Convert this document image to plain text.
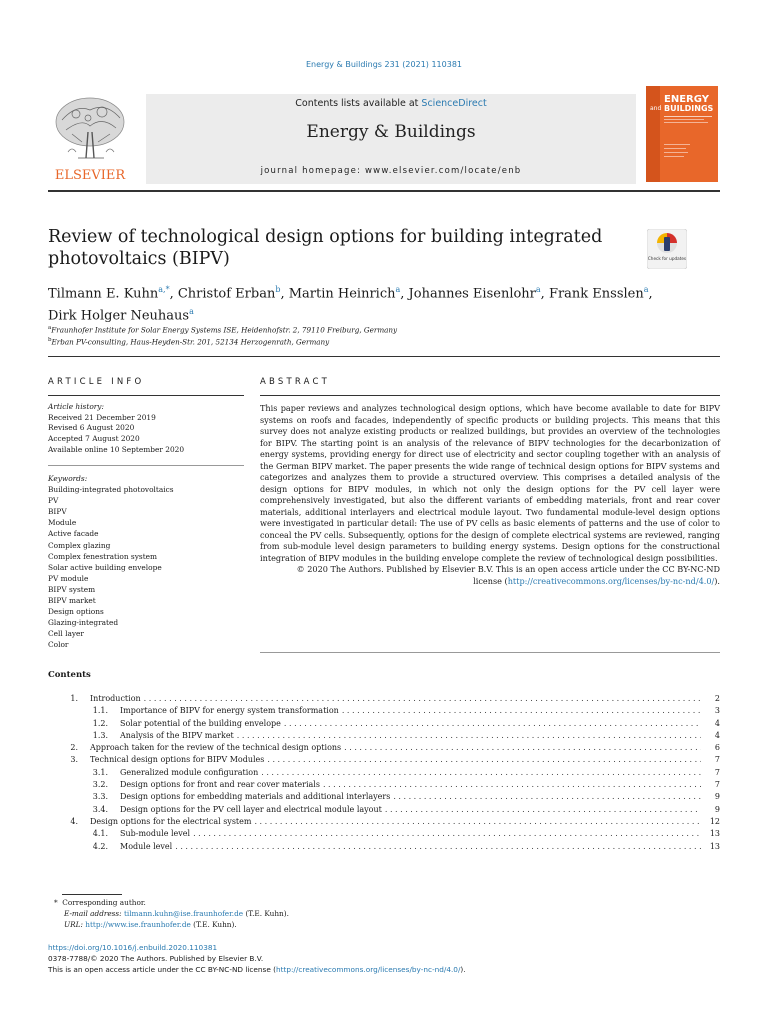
Energy & Buildings 231 (2021) 110381
ELSEVIER
Contents lists available at ScienceDirect
Energy & Buildings
journal homepage: www.elsevier.com/locate/enb
ENERGY
and BUILDINGS
Review of technological design options for building integrated photovoltaics (BIPV)	Check for updates
Tilmann E. Kuhn$^{a,*}$, Christof Erban$^b$, Martin Heinrich$^a$, Johannes Eisenlohr$^a$, Frank Ensslen$^a$,
Dirk Holger Neuhaus$^a$
$^a$Fraunhofer Institute for Solar Energy Systems ISE, Heidenhofstr. 2, 79110 Freiburg, Germany
$^b$Erban PV-consulting, Haus-Heyden-Str. 201, 52134 Herzogenrath, Germany
ARTICLE INFO
Article history:
Received 21 December 2019
Revised 6 August 2020
Accepted 7 August 2020
Available online 10 September 2020
Keywords:
Building-integrated photovoltaics
PV
BIPV
Module
Active facade
Complex glazing
Complex fenestration system
Solar active building envelope
PV module
BIPV system
BIPV market
Design options
Glazing-integrated
Cell layer
Color
ABSTRACT

This paper reviews and analyzes technological design options, which have become available to date for BIPV systems on roofs and facades, independently of specific products or building projects. This means that this survey does not analyze existing products or realized buildings, but provides an overview of the technologies for BIPV. The starting point is an analysis of the relevance of BIPV technologies for the decarbonization of energy systems, providing energy for direct use of electricity and sector coupling together with an analysis of the German BIPV market. The paper presents the wide range of technical design options for BIPV systems and categorizes and analyzes them to provide a structured overview. This comprises a detailed analysis of the design options for BIPV modules, in which not only the design options for the PV cell layer were comprehensively investigated, but also the different variants of embedding materials, front and rear cover materials, additional interlayers and electrical module layout. Two fundamental module-level design options were investigated in particular detail: The use of PV cells as basic elements of patterns and the use of color to conceal the PV cells. Subsequently, options for the design of complete electrical systems are reviewed, ranging from sub-module level design parameters to building energy systems. Design options for the constructional integration of BIPV modules in the building envelope complete the review of technological design possibilities.

© 2020 The Authors. Published by Elsevier B.V. This is an open access article under the CC BY-NC-ND
license (http://creativecommons.org/licenses/by-nc-nd/4.0/).

Contents
1.	Introduction . . .	2
1.1.	Importance of BIPV for energy system transformation . . .	3
1.2.	Solar potential of the building envelope . . .	4
1.3.	Analysis of the BIPV market . . .	4
2.	Approach taken for the review of the technical design options . . .	6
3.	Technical design options for BIPV Modules . . .	7
3.1.	Generalized module configuration . . .	7
3.2.	Design options for front and rear cover materials . . .	7
3.3.	Design options for embedding materials and additional interlayers . . .	9
3.4.	Design options for the PV cell layer and electrical module layout . . .	9
4.	Design options for the electrical system . . .	12
4.1.	Sub-module level . . .	13
4.2.	Module level . . .	13
* Corresponding author.
E-mail address: tilmann.kuhn@ise.fraunhofer.de (T.E. Kuhn).
URL: http://www.ise.fraunhofer.de (T.E. Kuhn).
https://doi.org/10.1016/j.enbuild.2020.110381
0378-7788/© 2020 The Authors. Published by Elsevier B.V.
This is an open access article under the CC BY-NC-ND license (http://creativecommons.org/licenses/by-nc-nd/4.0/).
